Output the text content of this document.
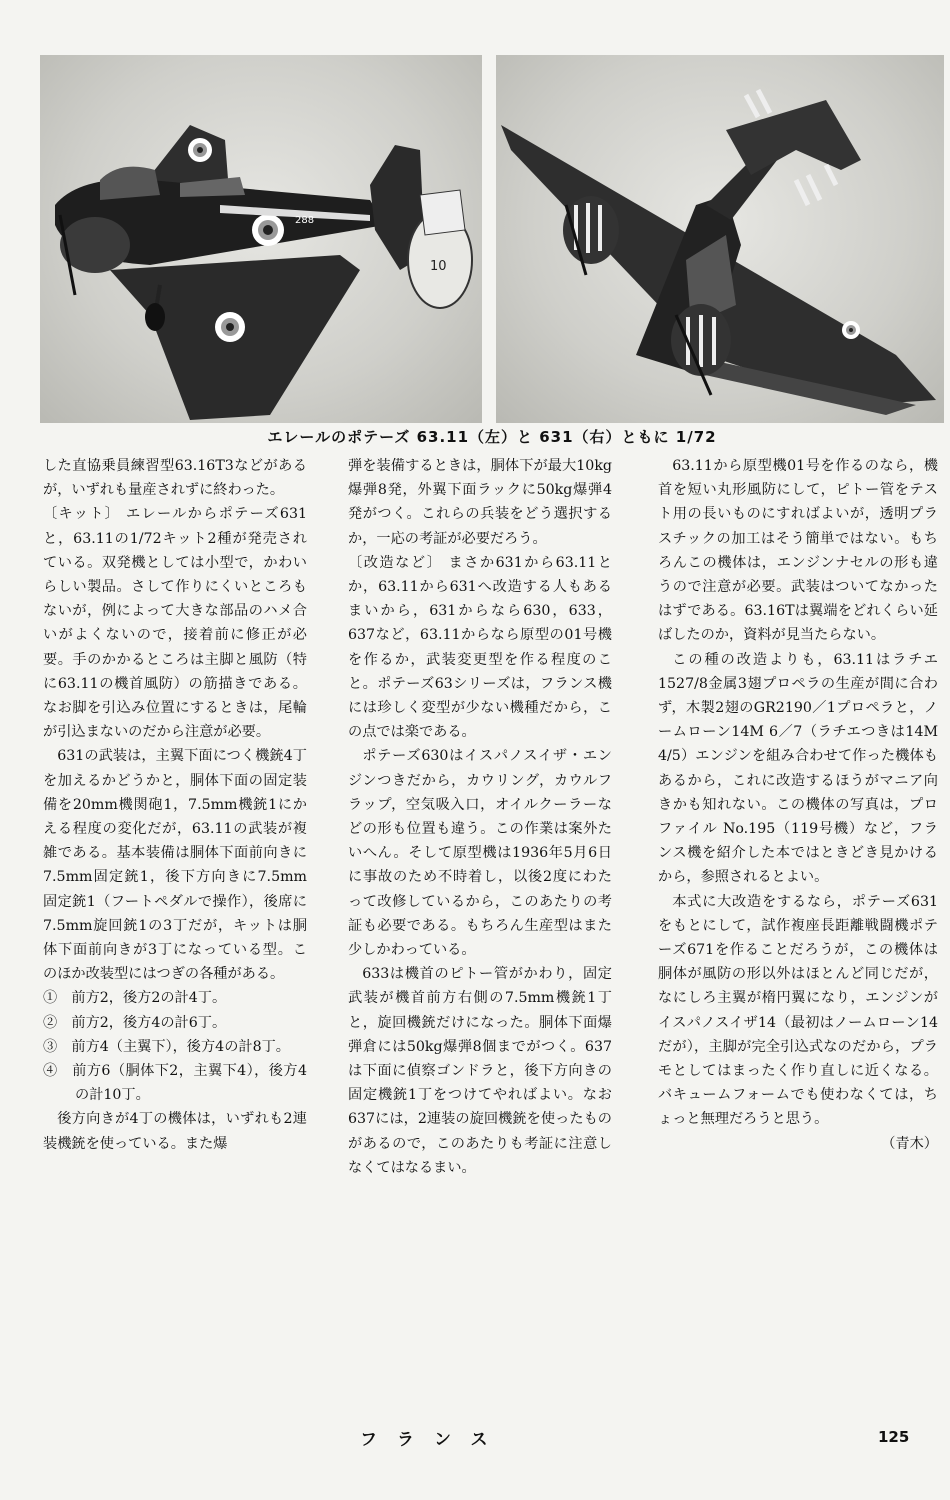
288
10
エレールのポテーズ 63.11（左）と 631（右）ともに 1/72

した直協乗員練習型63.16T3などがあるが，いずれも量産されずに終わった。

〔キット〕 エレールからポテーズ631と，63.11の1/72キット2種が発売されている。双発機としては小型で，かわいらしい製品。さして作りにくいところもないが，例によって大きな部品のハメ合いがよくないので，接着前に修正が必要。手のかかるところは主脚と風防（特に63.11の機首風防）の筋描きである。なお脚を引込み位置にするときは，尾輪が引込まないのだから注意が必要。

631の武装は，主翼下面につく機銃4丁を加えるかどうかと，胴体下面の固定装備を20mm機関砲1，7.5mm機銃1にかえる程度の変化だが，63.11の武装が複雑である。基本装備は胴体下面前向きに7.5mm固定銃1，後下方向きに7.5mm固定銃1（フートペダルで操作），後席に7.5mm旋回銃1の3丁だが，キットは胴体下面前向きが3丁になっている型。このほか改装型にはつぎの各種がある。

①　前方2，後方2の計4丁。

②　前方2，後方4の計6丁。

③　前方4（主翼下），後方4の計8丁。

④　前方6（胴体下2，主翼下4），後方4の計10丁。

後方向きが4丁の機体は，いずれも2連装機銃を使っている。また爆

弾を装備するときは，胴体下が最大10kg爆弾8発，外翼下面ラックに50kg爆弾4発がつく。これらの兵装をどう選択するか，一応の考証が必要だろう。

〔改造など〕 まさか631から63.11とか，63.11から631へ改造する人もあるまいから，631からなら630，633，637など，63.11からなら原型の01号機を作るか，武装変更型を作る程度のこと。ポテーズ63シリーズは，フランス機には珍しく変型が少ない機種だから，この点では楽である。

ポテーズ630はイスパノスイザ・エンジンつきだから，カウリング，カウルフラップ，空気吸入口，オイルクーラーなどの形も位置も違う。この作業は案外たいへん。そして原型機は1936年5月6日に事故のため不時着し，以後2度にわたって改修しているから，このあたりの考証も必要である。もちろん生産型はまた少しかわっている。

633は機首のピトー管がかわり，固定武装が機首前方右側の7.5mm機銃1丁と，旋回機銃だけになった。胴体下面爆弾倉には50kg爆弾8個までがつく。637は下面に偵察ゴンドラと，後下方向きの固定機銃1丁をつけてやればよい。なお637には，2連装の旋回機銃を使ったものがあるので，このあたりも考証に注意しなくてはなるまい。

63.11から原型機01号を作るのなら，機首を短い丸形風防にして，ピトー管をテスト用の長いものにすればよいが，透明プラスチックの加工はそう簡単ではない。もちろんこの機体は，エンジンナセルの形も違うので注意が必要。武装はついてなかったはずである。63.16Tは翼端をどれくらい延ばしたのか，資料が見当たらない。

この種の改造よりも，63.11はラチエ1527/8金属3翅プロペラの生産が間に合わず，木製2翅のGR2190／1プロペラと，ノームローン14M 6／7（ラチエつきは14M 4/5）エンジンを組み合わせて作った機体もあるから，これに改造するほうがマニア向きかも知れない。この機体の写真は，プロファイル No.195（119号機）など，フランス機を紹介した本ではときどき見かけるから，参照されるとよい。

本式に大改造をするなら，ポテーズ631をもとにして，試作複座長距離戦闘機ポテーズ671を作ることだろうが，この機体は胴体が風防の形以外はほとんど同じだが，なにしろ主翼が楕円翼になり，エンジンがイスパノスイザ14（最初はノームローン14だが），主脚が完全引込式なのだから，プラモとしてはまったく作り直しに近くなる。バキュームフォームでも使わなくては，ちょっと無理だろうと思う。

（青木）
フランス	125
